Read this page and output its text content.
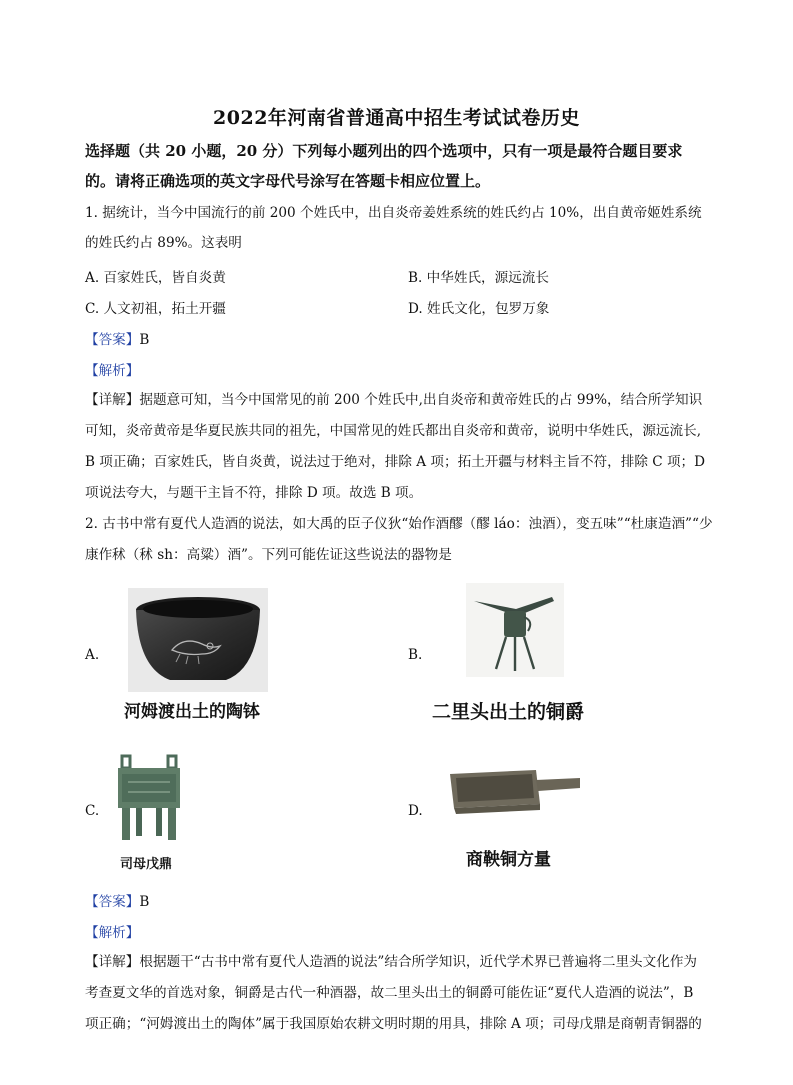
2022年河南省普通高中招生考试试卷历史
选择题（共 20 小题，20 分）下列每小题列出的四个选项中，只有一项是最符合题目要求
的。请将正确选项的英文字母代号涂写在答题卡相应位置上。
1. 据统计，当今中国流行的前 200 个姓氏中，出自炎帝姜姓系统的姓氏约占 10%，出自黄帝姬姓系统
的姓氏约占 89%。这表明
A. 百家姓氏，皆自炎黄	B. 中华姓氏，源远流长
C. 人文初祖，拓土开疆	D. 姓氏文化，包罗万象
【答案】B
【解析】
【详解】据题意可知，当今中国常见的前 200 个姓氏中,出自炎帝和黄帝姓氏的占 99%，结合所学知识
可知，炎帝黄帝是华夏民族共同的祖先，中国常见的姓氏都出自炎帝和黄帝，说明中华姓氏，源远流长,
B 项正确；百家姓氏，皆自炎黄，说法过于绝对，排除 A 项；拓土开疆与材料主旨不符，排除 C 项；D
项说法夸大，与题干主旨不符，排除 D 项。故选 B 项。
2. 古书中常有夏代人造酒的说法，如大禹的臣子仪狄“始作酒醪（醪 láo：浊酒），变五味”“杜康造酒”“少
康作秫（秫 sh：高粱）酒”。下列可能佐证这些说法的器物是
A.
河姆渡出土的陶钵
B.
二里头出土的铜爵
C.
司母戊鼎
D.
商鞅铜方量
【答案】B
【解析】
【详解】根据题干“古书中常有夏代人造酒的说法”结合所学知识，近代学术界已普遍将二里头文化作为
考查夏文华的首选对象，铜爵是古代一种酒器，故二里头出土的铜爵可能佐证“夏代人造酒的说法”，B
项正确；“河姆渡出土的陶体”属于我国原始农耕文明时期的用具，排除 A 项；司母戊鼎是商朝青铜器的
